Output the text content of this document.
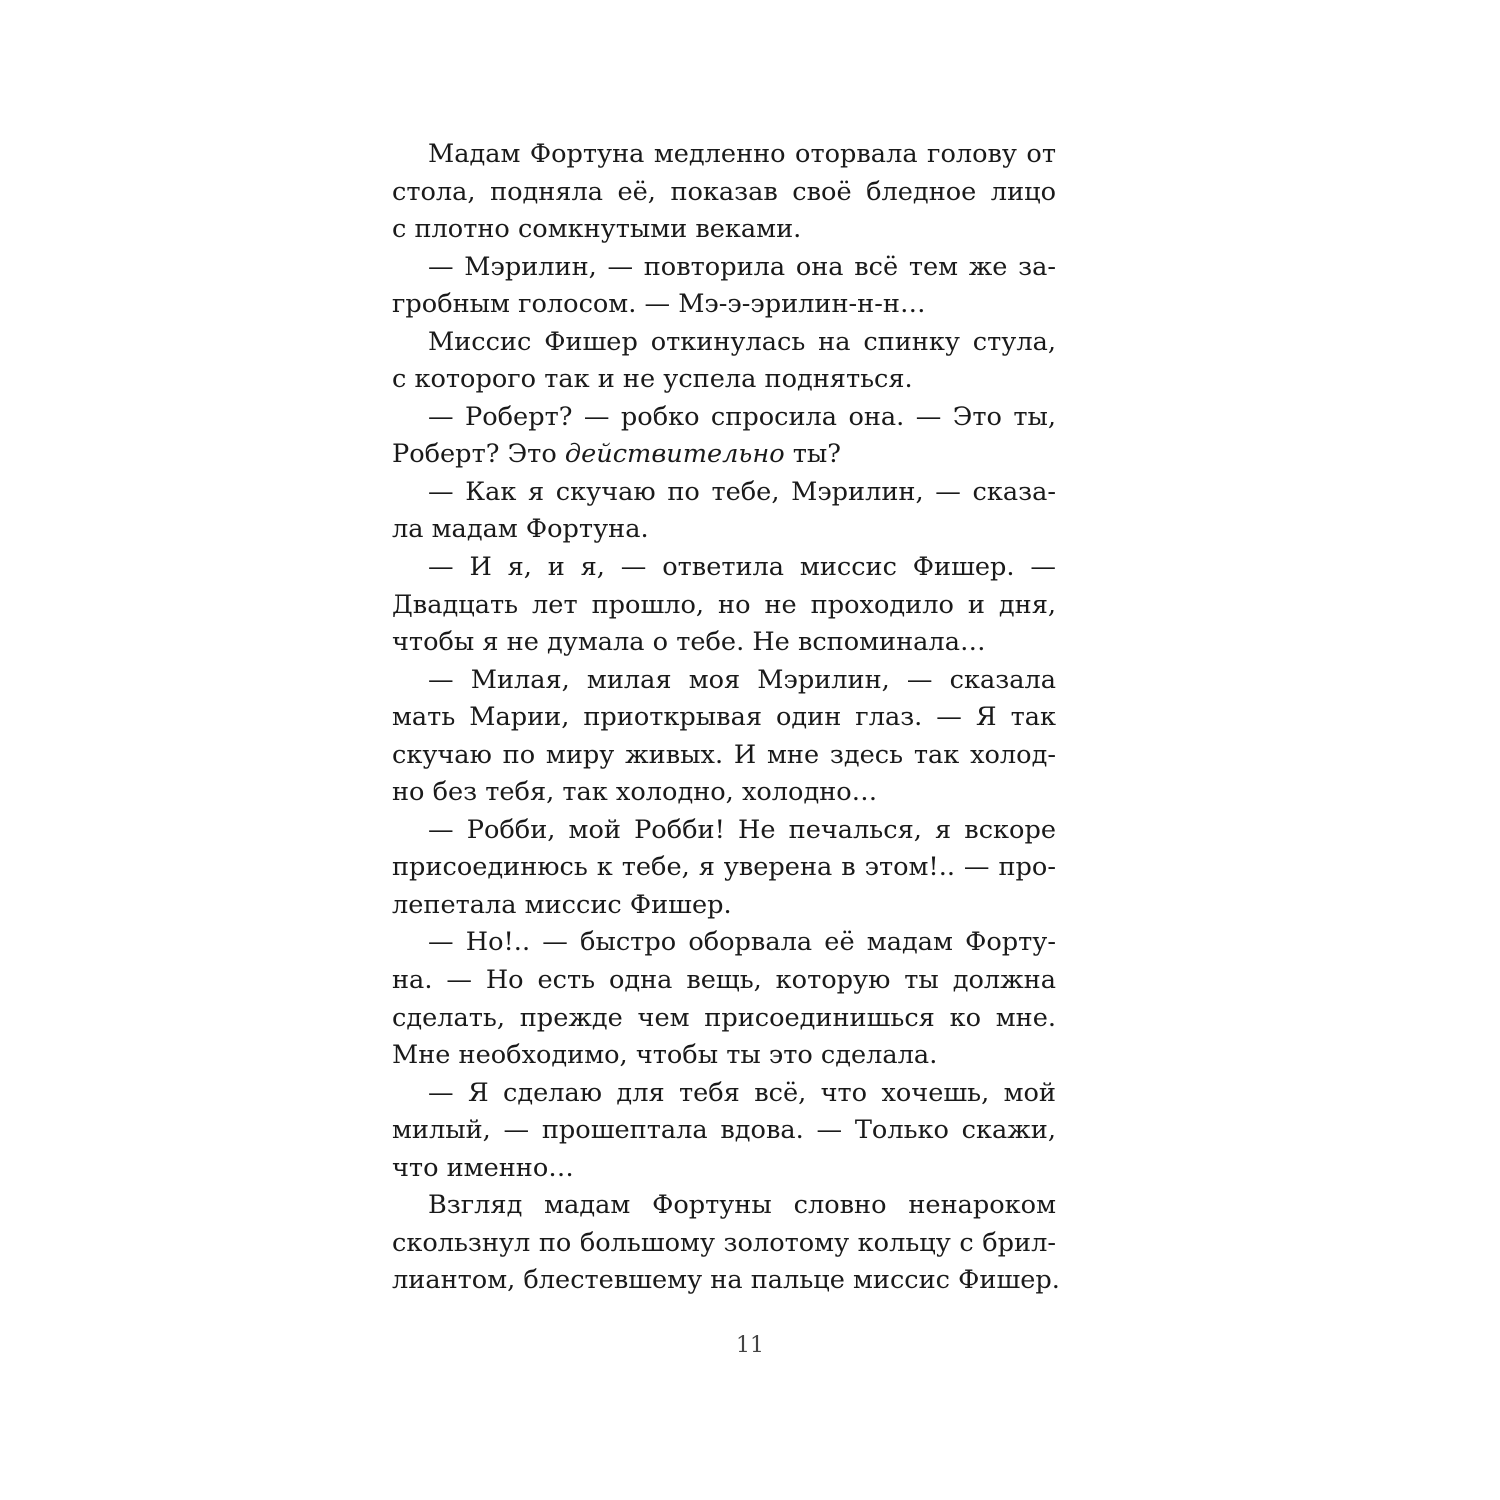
Мадам Фортуна медленно оторвала голову от
стола, подняла её, показав своё бледное лицо
с плотно сомкнутыми веками.
— Мэрилин, — повторила она всё тем же за-
гробным голосом. — Мэ-э-эрилин-н-н…
Миссис Фишер откинулась на спинку стула,
с которого так и не успела подняться.
— Роберт? — робко спросила она. — Это ты,
Роберт? Это действительно ты?
— Как я скучаю по тебе, Мэрилин, — сказа-
ла мадам Фортуна.
— И я, и я, — ответила миссис Фишер. —
Двадцать лет прошло, но не проходило и дня,
чтобы я не думала о тебе. Не вспоминала…
— Милая, милая моя Мэрилин, — сказала
мать Марии, приоткрывая один глаз. — Я так
скучаю по миру живых. И мне здесь так холод-
но без тебя, так холодно, холодно…
— Робби, мой Робби! Не печалься, я вскоре
присоединюсь к тебе, я уверена в этом!.. — про-
лепетала миссис Фишер.
— Но!.. — быстро оборвала её мадам Форту-
на. — Но есть одна вещь, которую ты должна
сделать, прежде чем присоединишься ко мне.
Мне необходимо, чтобы ты это сделала.
— Я сделаю для тебя всё, что хочешь, мой
милый, — прошептала вдова. — Только скажи,
что именно…
Взгляд мадам Фортуны словно ненароком
скользнул по большому золотому кольцу с брил-
лиантом, блестевшему на пальце миссис Фишер.
11
